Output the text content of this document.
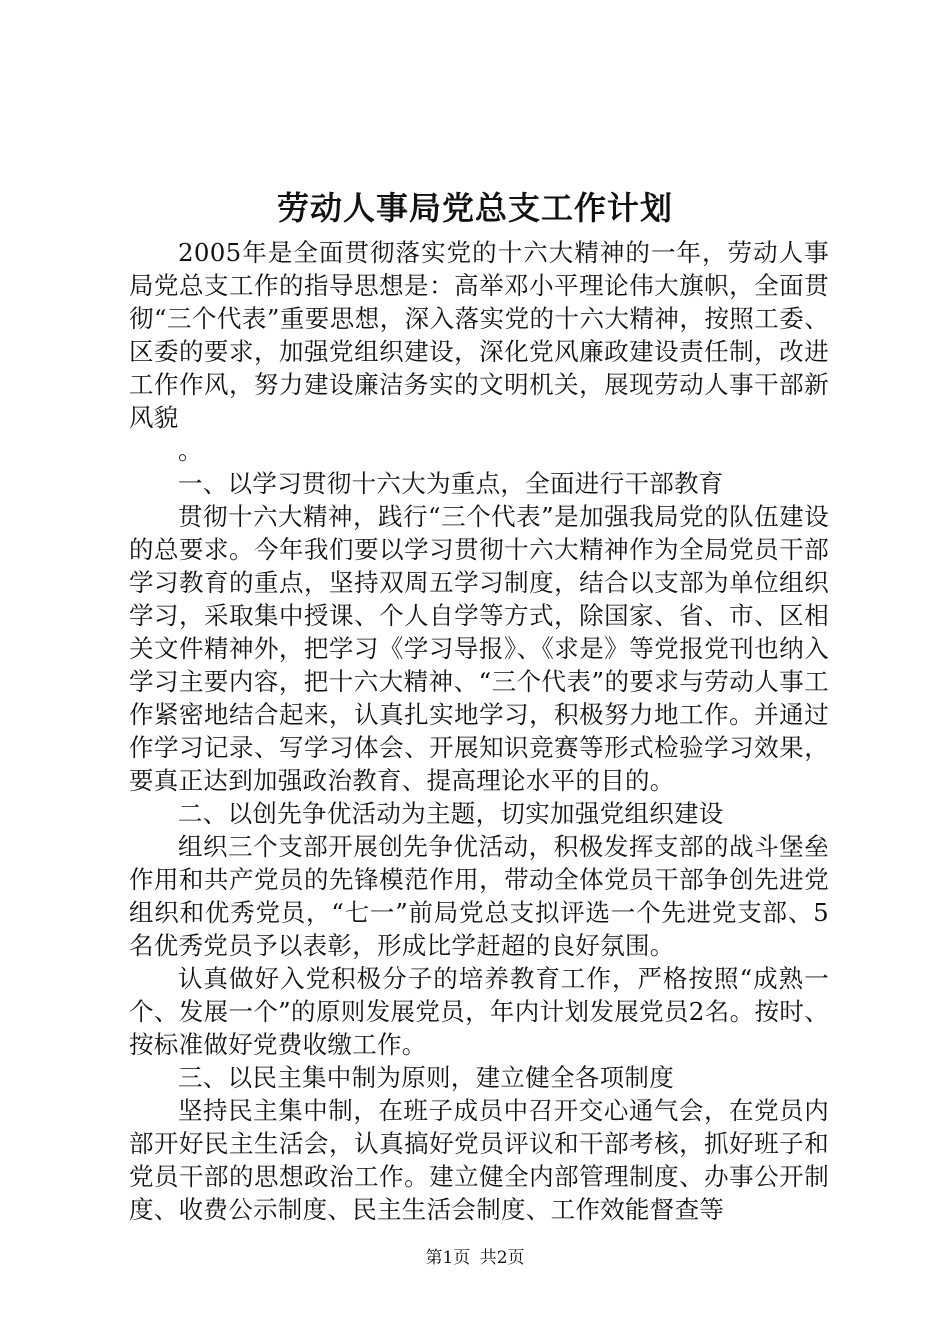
劳动人事局党总支工作计划

2005年是全面贯彻落实党的十六大精神的一年，劳动人事局党总支工作的指导思想是：高举邓小平理论伟大旗帜，全面贯彻“三个代表”重要思想，深入落实党的十六大精神，按照工委、区委的要求，加强党组织建设，深化党风廉政建设责任制，改进工作作风，努力建设廉洁务实的文明机关，展现劳动人事干部新风貌

。

一、以学习贯彻十六大为重点，全面进行干部教育

贯彻十六大精神，践行“三个代表”是加强我局党的队伍建设的总要求。今年我们要以学习贯彻十六大精神作为全局党员干部学习教育的重点，坚持双周五学习制度，结合以支部为单位组织学习，采取集中授课、个人自学等方式，除国家、省、市、区相关文件精神外，把学习《学习导报》、《求是》等党报党刊也纳入学习主要内容，把十六大精神、“三个代表”的要求与劳动人事工作紧密地结合起来，认真扎实地学习，积极努力地工作。并通过作学习记录、写学习体会、开展知识竞赛等形式检验学习效果，要真正达到加强政治教育、提高理论水平的目的。

二、以创先争优活动为主题，切实加强党组织建设

组织三个支部开展创先争优活动，积极发挥支部的战斗堡垒作用和共产党员的先锋模范作用，带动全体党员干部争创先进党组织和优秀党员，“七一”前局党总支拟评选一个先进党支部、5名优秀党员予以表彰，形成比学赶超的良好氛围。

认真做好入党积极分子的培养教育工作，严格按照“成熟一个、发展一个”的原则发展党员，年内计划发展党员2名。按时、按标准做好党费收缴工作。

三、以民主集中制为原则，建立健全各项制度

坚持民主集中制，在班子成员中召开交心通气会，在党员内部开好民主生活会，认真搞好党员评议和干部考核，抓好班子和党员干部的思想政治工作。建立健全内部管理制度、办事公开制度、收费公示制度、民主生活会制度、工作效能督查等

第1页 共2页
